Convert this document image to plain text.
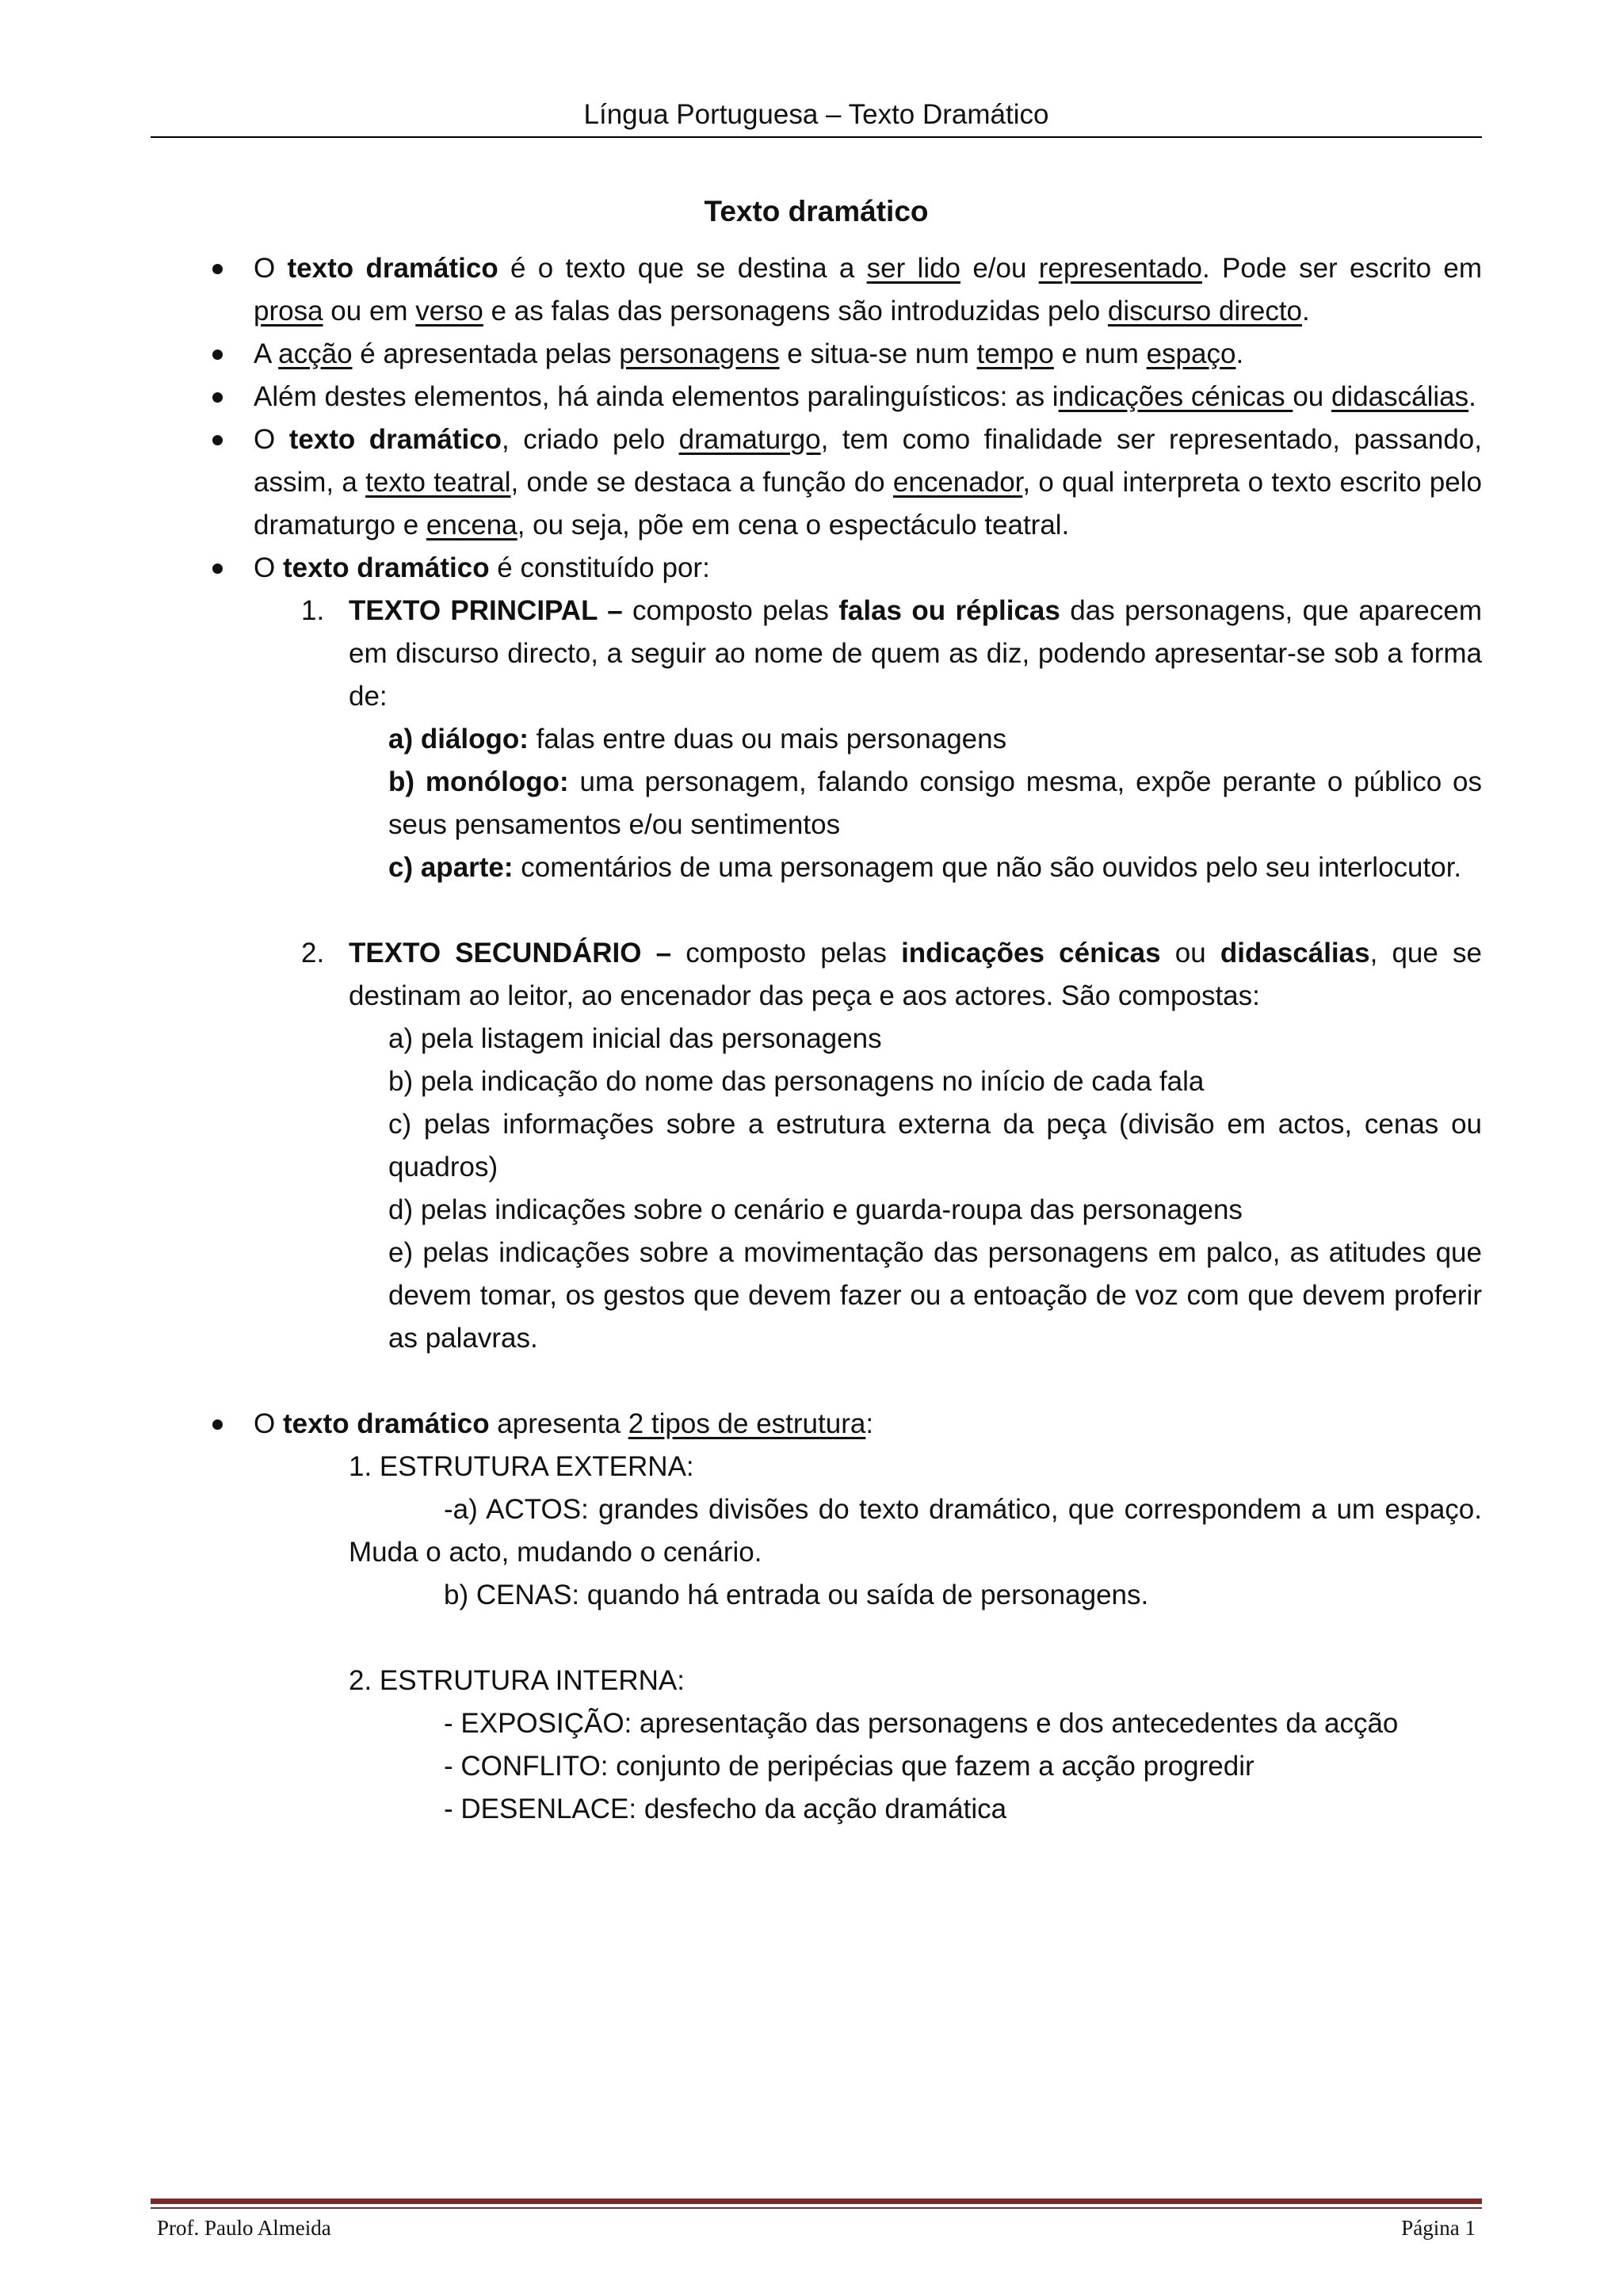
Língua Portuguesa – Texto Dramático

Texto dramático

O texto dramático é o texto que se destina a ser lido e/ou representado. Pode ser escrito em prosa ou em verso e as falas das personagens são introduzidas pelo discurso directo.
A acção é apresentada pelas personagens e situa-se num tempo e num espaço.
Além destes elementos, há ainda elementos paralinguísticos: as indicações cénicas ou didascálias.
O texto dramático, criado pelo dramaturgo, tem como finalidade ser representado, passando, assim, a texto teatral, onde se destaca a função do encenador, o qual interpreta o texto escrito pelo dramaturgo e encena, ou seja, põe em cena o espectáculo teatral.

O texto dramático é constituído por:

1. TEXTO PRINCIPAL – composto pelas falas ou réplicas das personagens, que aparecem em discurso directo, a seguir ao nome de quem as diz, podendo apresentar-se sob a forma de:

a) diálogo: falas entre duas ou mais personagens

b) monólogo: uma personagem, falando consigo mesma, expõe perante o público os seus pensamentos e/ou sentimentos

c) aparte: comentários de uma personagem que não são ouvidos pelo seu interlocutor.

2. TEXTO SECUNDÁRIO – composto pelas indicações cénicas ou didascálias, que se destinam ao leitor, ao encenador das peça e aos actores. São compostas:

a) pela listagem inicial das personagens

b) pela indicação do nome das personagens no início de cada fala

c) pelas informações sobre a estrutura externa da peça (divisão em actos, cenas ou quadros)

d) pelas indicações sobre o cenário e guarda-roupa das personagens

e) pelas indicações sobre a movimentação das personagens em palco, as atitudes que devem tomar, os gestos que devem fazer ou a entoação de voz com que devem proferir as palavras.

O texto dramático apresenta 2 tipos de estrutura:

1. ESTRUTURA EXTERNA:

-a) ACTOS: grandes divisões do texto dramático, que correspondem a um espaço. Muda o acto, mudando o cenário.

b) CENAS: quando há entrada ou saída de personagens.

2. ESTRUTURA INTERNA:

- EXPOSIÇÃO: apresentação das personagens e dos antecedentes da acção

- CONFLITO: conjunto de peripécias que fazem a acção progredir

- DESENLACE: desfecho da acção dramática

Prof. Paulo Almeida	Página 1
